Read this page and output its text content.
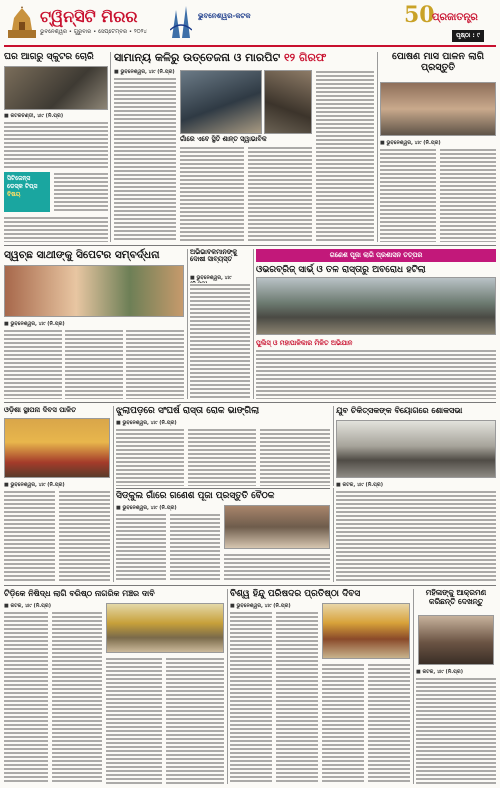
ଟ୍ୱିନ୍‌ସିଟି ମିରର	ଭୁବନେଶ୍ୱର-କଟକ
ଭୁବନେଶ୍ୱର • ଗୁରୁବାର • ସେପ୍ଟେମ୍ବର • ୨୦୨୪
50
ପ୍ରଜାତନ୍ତ୍ର
ପୃଷ୍ଠା : ୯
ଘର ଆଗରୁ ସ୍କୁଟର ଚୋରି
■ କଟକଚଣ୍ଡୀ, ୪ା୯ (ନି.ପ୍ର)
ସିଟିଜେନ୍‌ସ
ଡେସ୍କ ଟିପ୍ସ
ବିଷୟ
ସାମାନ୍ୟ କଳିରୁ ଉତ୍ତେଜନା ଓ ମାରପିଟ ୧୨ ଗିରଫ
■ ଭୁବନେଶ୍ୱର, ୪ା୯ (ନି.ପ୍ର)
ଗାଁରେ ଏବେ ସ୍ଥିତି ଶାନ୍ତ ସ୍ୱାଭାବିକ
ପୋଷଣ ମାସ ପାଳନ ଲାଗି ପ୍ରସ୍ତୁତି
■ ଭୁବନେଶ୍ୱର, ୪ା୯ (ନି.ପ୍ର)
ସ୍ୱଚ୍ଛ ସାଥୀଙ୍କୁ ସିପେଟର ସମ୍ବର୍ଦ୍ଧନା
■ ଭୁବନେଶ୍ୱର, ୪ା୯ (ନି.ପ୍ର)
ଅଭିଭାବକମାନଙ୍କୁ ଦୋଷୀ ସାବ୍ୟସ୍ତ
■ ଭୁବନେଶ୍ୱର, ୪ା୯
ଗଣେଶ ପୂଜା ଲାଗି ପ୍ରଶାସନ ତତ୍ପର
ଓଭରବ୍ରିଜ୍ ସାର୍ଭ୍ ଓ ତଳ ରାସ୍ତାରୁ ଅବରୋଧ ହଟିଲା
ପୁଲିସ୍ ଓ ମହାପାଳିକାର ମିଳିତ ଅଭିଯାନ
ଓଡ଼ିଶା ସ୍ଥାପନା ଦିବସ ପାଳିତ
■ ଭୁବନେଶ୍ୱର, ୪ା୯ (ନି.ପ୍ର)
ଝୁଲାପଡ଼ରେ ସଂଘର୍ଷ ରାସ୍ତା ରୋକ ଭାଙ୍ଗିଲା
■ ଭୁବନେଶ୍ୱର, ୪ା୯ (ନି.ପ୍ର)
ଯୁବ ଚିକିତ୍ସକଙ୍କ ବିୟୋଗରେ ଶୋକସଭା
■ କଟକ, ୪ା୯ (ନି.ପ୍ର)
ସିଡ୍କୁଲ ଗାଁରେ ଗଣେଶ ପୂଜା ପ୍ରସ୍ତୁତି ବୈଠକ
■ ଭୁବନେଶ୍ୱର, ୪ା୯ (ନି.ପ୍ର)
ଟିଡ଼ିକେ ନିଷିଦ୍ଧ ଲାଗି ବରିଷ୍ଠ ନାଗରିକ ମଞ୍ଚର ଦାବି
■ କଟକ, ୪ା୯ (ନି.ପ୍ର)
ବିଶ୍ୱ ହିନ୍ଦୁ ପରିଷଦର ପ୍ରତିଷ୍ଠା ଦିବସ
■ ଭୁବନେଶ୍ୱର, ୪ା୯ (ନି.ପ୍ର)
ମହିଳାଙ୍କୁ ଆକ୍ରମଣ କରିଛନ୍ତି ଦେଖନ୍ତୁ
■ କଟକ, ୪ା୯ (ନି.ପ୍ର)
